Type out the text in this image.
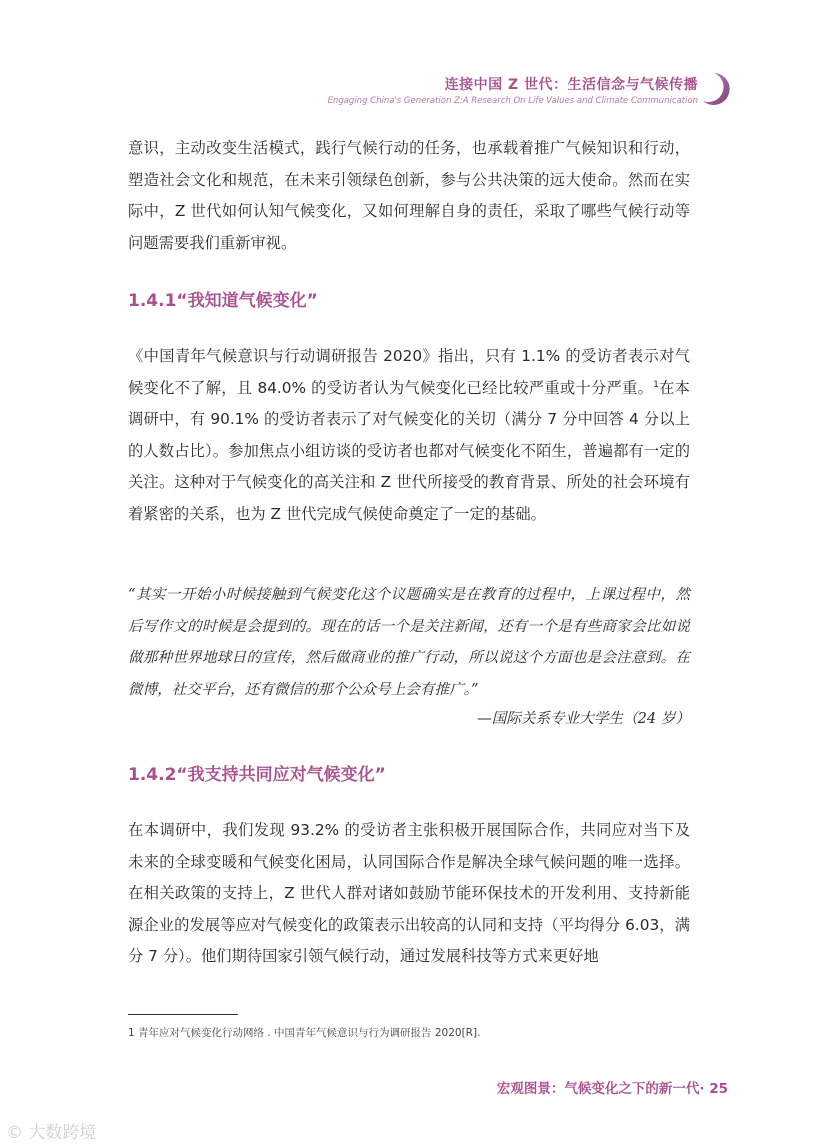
连接中国 Z 世代：生活信念与气候传播
Engaging China's Generation Z:A Research On Life Values and Climate Communication

意识，主动改变生活模式，践行气候行动的任务，也承载着推广气候知识和行动，塑造社会文化和规范，在未来引领绿色创新，参与公共决策的远大使命。然而在实际中，Z 世代如何认知气候变化，又如何理解自身的责任，采取了哪些气候行动等问题需要我们重新审视。

1.4.1“我知道气候变化”

《中国青年气候意识与行动调研报告 2020》指出，只有 1.1% 的受访者表示对气候变化不了解，且 84.0% 的受访者认为气候变化已经比较严重或十分严重。$^1$在本调研中，有 90.1% 的受访者表示了对气候变化的关切（满分 7 分中回答 4 分以上的人数占比）。参加焦点小组访谈的受访者也都对气候变化不陌生，普遍都有一定的关注。这种对于气候变化的高关注和 Z 世代所接受的教育背景、所处的社会环境有着紧密的关系，也为 Z 世代完成气候使命奠定了一定的基础。

“其实一开始小时候接触到气候变化这个议题确实是在教育的过程中，上课过程中，然后写作文的时候是会提到的。现在的话一个是关注新闻，还有一个是有些商家会比如说做那种世界地球日的宣传，然后做商业的推广行动，所以说这个方面也是会注意到。在微博，社交平台，还有微信的那个公众号上会有推广。”

—国际关系专业大学生（24 岁）

1.4.2“我支持共同应对气候变化”

在本调研中，我们发现 93.2% 的受访者主张积极开展国际合作，共同应对当下及未来的全球变暖和气候变化困局，认同国际合作是解决全球气候问题的唯一选择。在相关政策的支持上，Z 世代人群对诸如鼓励节能环保技术的开发利用、支持新能源企业的发展等应对气候变化的政策表示出较高的认同和支持（平均得分 6.03，满分 7 分）。他们期待国家引领气候行动，通过发展科技等方式来更好地

1 青年应对气候变化行动网络 . 中国青年气候意识与行为调研报告 2020[R].
宏观图景：气候变化之下的新一代· 25
© 大数跨境
